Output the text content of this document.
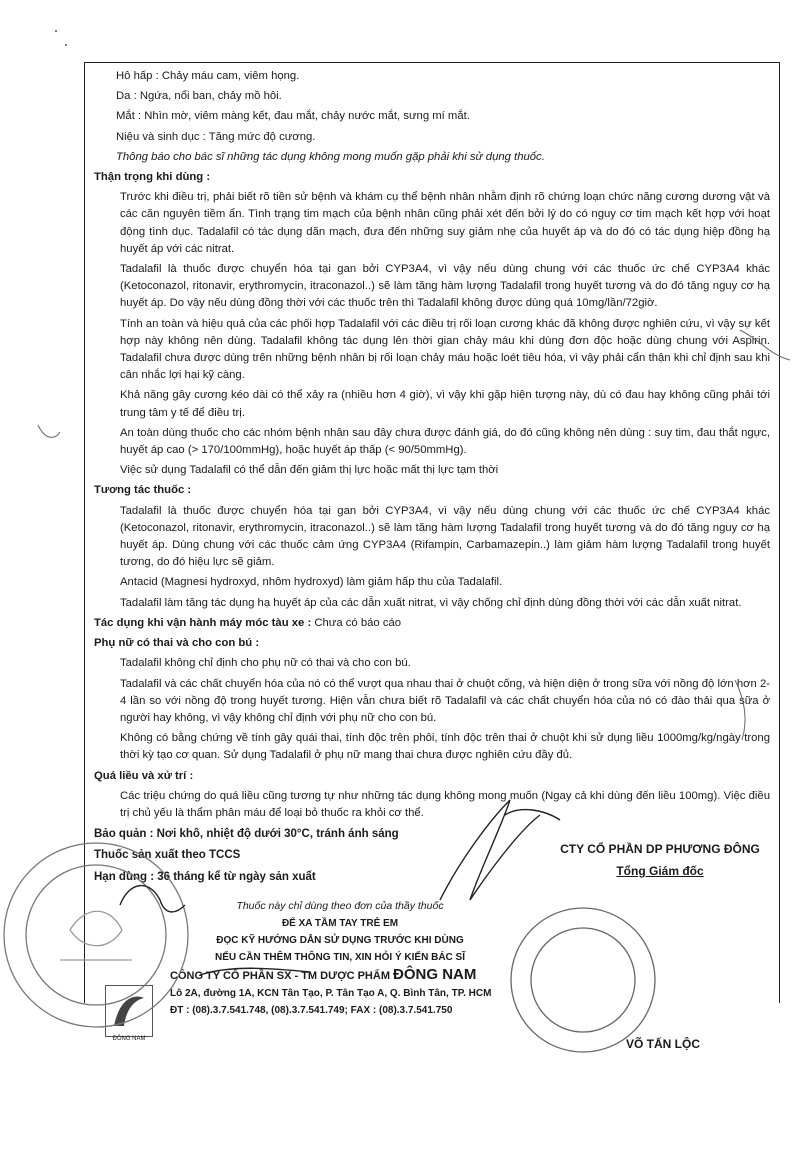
Hô hấp : Chảy máu cam, viêm họng.

Da : Ngứa, nổi ban, chảy mồ hôi.

Mắt : Nhìn mờ, viêm màng kết, đau mắt, chảy nước mắt, sưng mí mắt.

Niệu và sinh dục : Tăng mức độ cương.

Thông báo cho bác sĩ những tác dụng không mong muốn gặp phải khi sử dụng thuốc.

Thận trọng khi dùng :

Trước khi điều trị, phải biết rõ tiền sử bệnh và khám cụ thể bệnh nhân nhằm định rõ chứng loạn chức năng cương dương vật và các căn nguyên tiềm ẩn. Tình trạng tim mạch của bệnh nhân cũng phải xét đến bởi lý do có nguy cơ tim mạch kết hợp với hoạt động tình dục. Tadalafil có tác dụng dãn mạch, đưa đến những suy giảm nhẹ của huyết áp và do đó có tác dụng hiệp đồng hạ huyết áp với các nitrat.

Tadalafil là thuốc được chuyển hóa tại gan bởi CYP3A4, vì vậy nếu dùng chung với các thuốc ức chế CYP3A4 khác (Ketoconazol, ritonavir, erythromycin, itraconazol..) sẽ làm tăng hàm lượng Tadalafil trong huyết tương và do đó tăng nguy cơ hạ huyết áp. Do vậy nếu dùng đồng thời với các thuốc trên thì Tadalafil không được dùng quá 10mg/lần/72giờ.

Tính an toàn và hiệu quả của các phối hợp Tadalafil với các điều trị rối loạn cương khác đã không được nghiên cứu, vì vậy sự kết hợp này không nên dùng. Tadalafil không tác dụng lên thời gian chảy máu khi dùng đơn độc hoặc dùng chung với Aspirin. Tadalafil chưa được dùng trên những bệnh nhân bị rối loạn chảy máu hoặc loét tiêu hóa, vì vậy phải cẩn thận khi chỉ định sau khi cân nhắc lợi hại kỹ càng.

Khả năng gây cương kéo dài có thể xảy ra (nhiều hơn 4 giờ), vì vậy khi gặp hiện tượng này, dù có đau hay không cũng phải tới trung tâm y tế để điều trị.

An toàn dùng thuốc cho các nhóm bệnh nhân sau đây chưa được đánh giá, do đó cũng không nên dùng : suy tim, đau thắt ngực, huyết áp cao (> 170/100mmHg), hoặc huyết áp thấp (< 90/50mmHg).

Việc sử dụng Tadalafil có thể dẫn đến giảm thị lực hoặc mất thị lực tạm thời

Tương tác thuốc :

Tadalafil là thuốc được chuyển hóa tại gan bởi CYP3A4, vì vậy nếu dùng chung với các thuốc ức chế CYP3A4 khác (Ketoconazol, ritonavir, erythromycin, itraconazol..) sẽ làm tăng hàm lượng Tadalafil trong huyết tương và do đó tăng nguy cơ hạ huyết áp. Dùng chung với các thuốc cảm ứng CYP3A4 (Rifampin, Carbamazepin..) làm giảm hàm lượng Tadalafil trong huyết tương, do đó hiệu lực sẽ giảm.

Antacid (Magnesi hydroxyd, nhôm hydroxyd) làm giảm hấp thu của Tadalafil.

Tadalafil làm tăng tác dụng hạ huyết áp của các dẫn xuất nitrat, vì vậy chống chỉ định dùng đồng thời với các dẫn xuất nitrat.

Tác dụng khi vận hành máy móc tàu xe : Chưa có báo cáo

Phụ nữ có thai và cho con bú :

Tadalafil không chỉ định cho phụ nữ có thai và cho con bú.

Tadalafil và các chất chuyển hóa của nó có thể vượt qua nhau thai ở chuột cống, và hiện diện ở trong sữa với nồng độ lớn hơn 2-4 lần so với nồng độ trong huyết tương. Hiện vẫn chưa biết rõ Tadalafil và các chất chuyển hóa của nó có đào thải qua sữa ở người hay không, vì vậy không chỉ định với phụ nữ cho con bú.

Không có bằng chứng về tính gây quái thai, tính độc trên phôi, tính độc trên thai ở chuột khi sử dụng liều 1000mg/kg/ngày trong thời kỳ tạo cơ quan. Sử dụng Tadalafil ở phụ nữ mang thai chưa được nghiên cứu đầy đủ.

Quá liều và xử trí :

Các triệu chứng do quá liều cũng tương tự như những tác dụng không mong muốn (Ngay cả khi dùng đến liều 100mg). Việc điều trị chủ yếu là thẩm phân máu để loại bỏ thuốc ra khỏi cơ thể.

Bảo quản : Nơi khô, nhiệt độ dưới 30°C, tránh ánh sáng

Thuốc sản xuất theo TCCS

Hạn dùng : 36 tháng kể từ ngày sản xuất

CTY CỔ PHẦN DP PHƯƠNG ĐÔNG
Tổng Giám đốc
VÕ TẤN LỘC
Thuốc này chỉ dùng theo đơn của thầy thuốc
ĐỂ XA TẦM TAY TRẺ EM
ĐỌC KỸ HƯỚNG DẪN SỬ DỤNG TRƯỚC KHI DÙNG
NẾU CẦN THÊM THÔNG TIN, XIN HỎI Ý KIẾN BÁC SĨ
CÔNG TY CỔ PHẦN SX - TM DƯỢC PHẨM ĐÔNG NAM
Lô 2A, đường 1A, KCN Tân Tạo, P. Tân Tạo A, Q. Bình Tân, TP. HCM
ĐT : (08).3.7.541.748, (08).3.7.541.749; FAX : (08).3.7.541.750
ĐÔNG NAM
